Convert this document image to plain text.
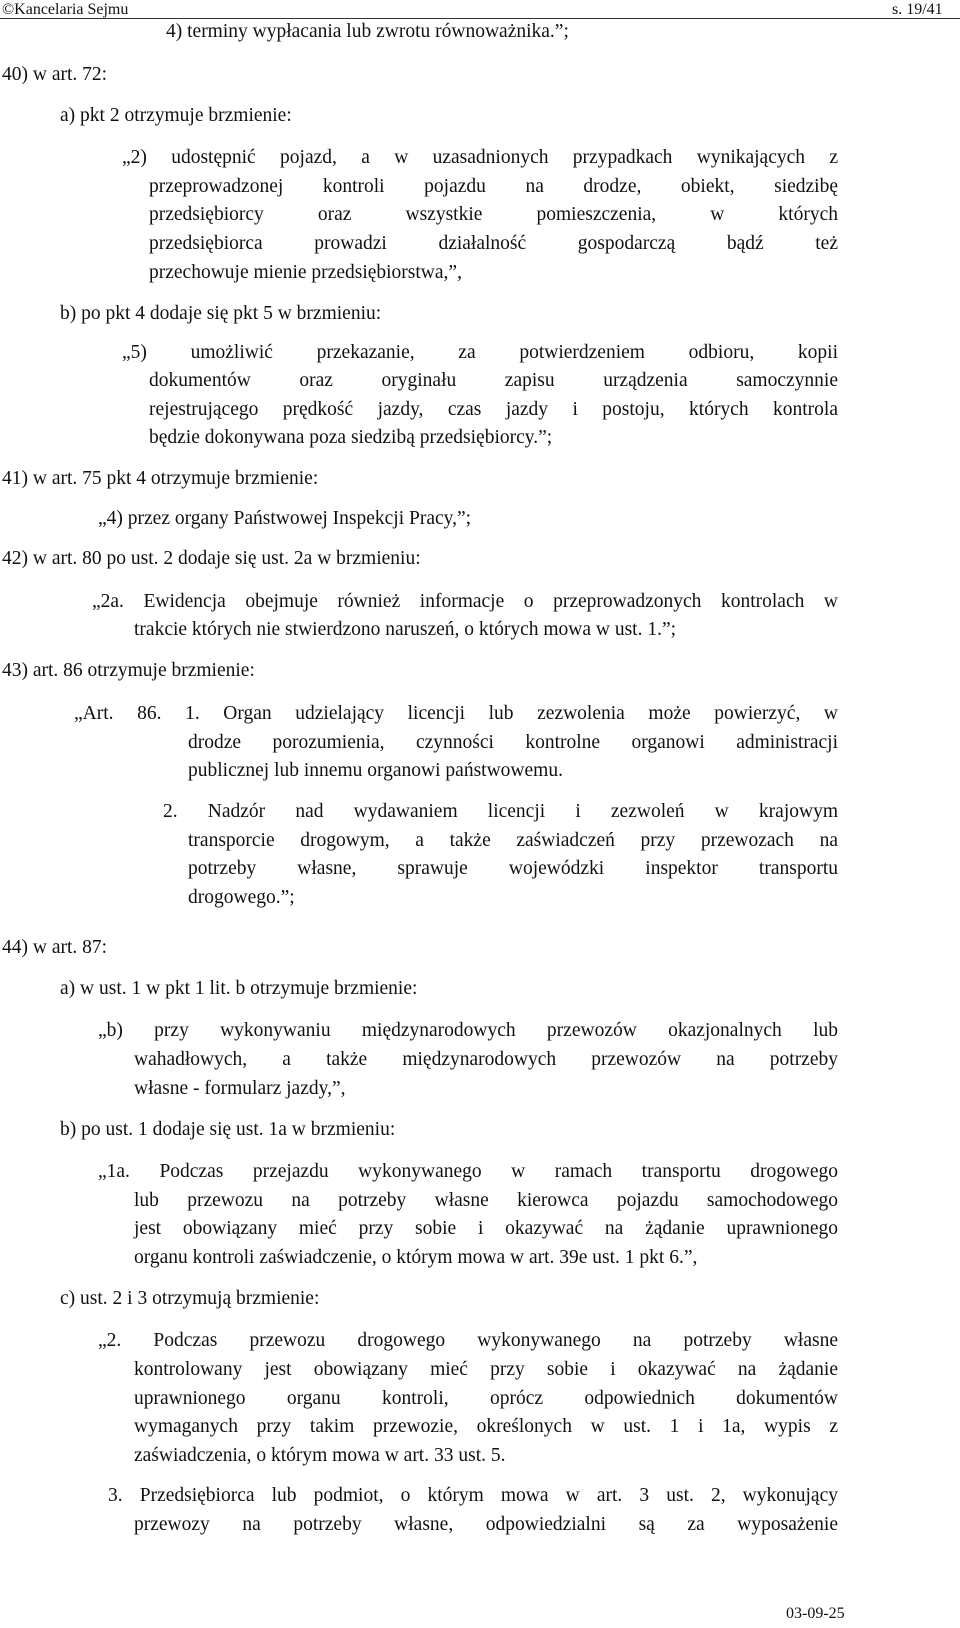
©Kancelaria Sejmu	s. 19/41
4) terminy wypłacania lub zwrotu równoważnika.”;
40) w art. 72:
a) pkt 2 otrzymuje brzmienie:
„2) udostępnić pojazd, a w uzasadnionych przypadkach wynikających z
przeprowadzonej kontroli pojazdu na drodze, obiekt, siedzibę
przedsiębiorcy oraz wszystkie pomieszczenia, w których
przedsiębiorca prowadzi działalność gospodarczą bądź też
przechowuje mienie przedsiębiorstwa,”,
b) po pkt 4 dodaje się pkt 5 w brzmieniu:
„5) umożliwić przekazanie, za potwierdzeniem odbioru, kopii
dokumentów oraz oryginału zapisu urządzenia samoczynnie
rejestrującego prędkość jazdy, czas jazdy i postoju, których kontrola
będzie dokonywana poza siedzibą przedsiębiorcy.”;
41) w art. 75 pkt 4 otrzymuje brzmienie:
„4) przez organy Państwowej Inspekcji Pracy,”;
42) w art. 80 po ust. 2 dodaje się ust. 2a w brzmieniu:
„2a. Ewidencja obejmuje również informacje o przeprowadzonych kontrolach w
trakcie których nie stwierdzono naruszeń, o których mowa w ust. 1.”;
43) art. 86 otrzymuje brzmienie:
„Art. 86. 1. Organ udzielający licencji lub zezwolenia może powierzyć, w
drodze porozumienia, czynności kontrolne organowi administracji
publicznej lub innemu organowi państwowemu.
2. Nadzór nad wydawaniem licencji i zezwoleń w krajowym
transporcie drogowym, a także zaświadczeń przy przewozach na
potrzeby własne, sprawuje wojewódzki inspektor transportu
drogowego.”;
44) w art. 87:
a) w ust. 1 w pkt 1 lit. b otrzymuje brzmienie:
„b) przy wykonywaniu międzynarodowych przewozów okazjonalnych lub
wahadłowych, a także międzynarodowych przewozów na potrzeby
własne - formularz jazdy,”,
b) po ust. 1 dodaje się ust. 1a w brzmieniu:
„1a. Podczas przejazdu wykonywanego w ramach transportu drogowego
lub przewozu na potrzeby własne kierowca pojazdu samochodowego
jest obowiązany mieć przy sobie i okazywać na żądanie uprawnionego
organu kontroli zaświadczenie, o którym mowa w art. 39e ust. 1 pkt 6.”,
c) ust. 2 i 3 otrzymują brzmienie:
„2. Podczas przewozu drogowego wykonywanego na potrzeby własne
kontrolowany jest obowiązany mieć przy sobie i okazywać na żądanie
uprawnionego organu kontroli, oprócz odpowiednich dokumentów
wymaganych przy takim przewozie, określonych w ust. 1 i 1a, wypis z
zaświadczenia, o którym mowa w art. 33 ust. 5.
3. Przedsiębiorca lub podmiot, o którym mowa w art. 3 ust. 2, wykonujący
przewozy na potrzeby własne, odpowiedzialni są za wyposażenie
03-09-25
